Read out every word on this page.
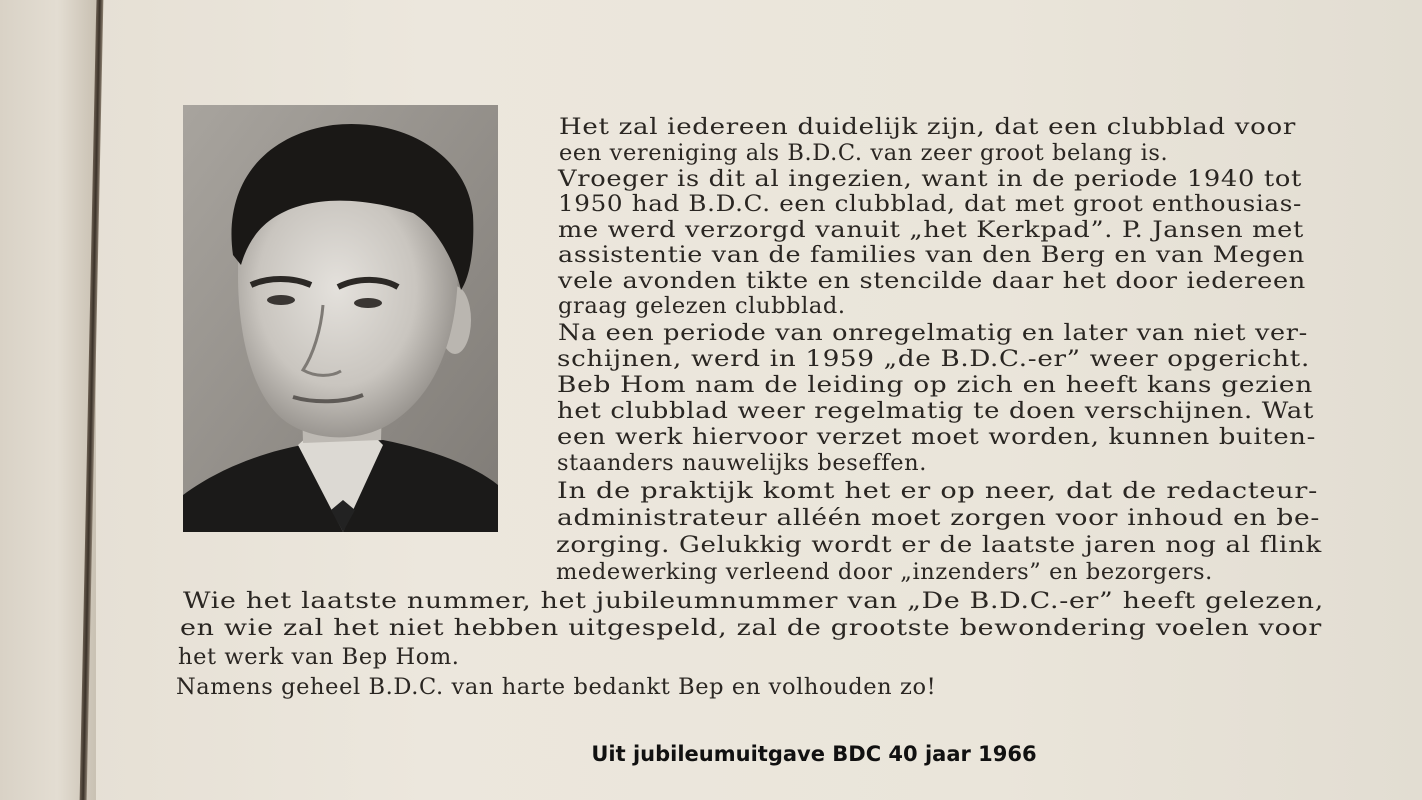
Het zal iedereen duidelijk zijn, dat een clubblad voor
een vereniging als B.D.C. van zeer groot belang is.
Vroeger is dit al ingezien, want in de periode 1940 tot
1950 had B.D.C. een clubblad, dat met groot enthousias-
me werd verzorgd vanuit „het Kerkpad”. P. Jansen met
assistentie van de families van den Berg en van Megen
vele avonden tikte en stencilde daar het door iedereen
graag gelezen clubblad.
Na een periode van onregelmatig en later van niet ver-
schijnen, werd in 1959 „de B.D.C.-er” weer opgericht.
Beb Hom nam de leiding op zich en heeft kans gezien
het clubblad weer regelmatig te doen verschijnen. Wat
een werk hiervoor verzet moet worden, kunnen buiten-
staanders nauwelijks beseffen.
In de praktijk komt het er op neer, dat de redacteur-
administrateur alléén moet zorgen voor inhoud en be-
zorging. Gelukkig wordt er de laatste jaren nog al flink
medewerking verleend door „inzenders” en bezorgers.
Wie het laatste nummer, het jubileumnummer van „De B.D.C.-er” heeft gelezen,
en wie zal het niet hebben uitgespeld, zal de grootste bewondering voelen voor
het werk van Bep Hom.
Namens geheel B.D.C. van harte bedankt Bep en volhouden zo!
Uit jubileumuitgave BDC 40 jaar 1966
